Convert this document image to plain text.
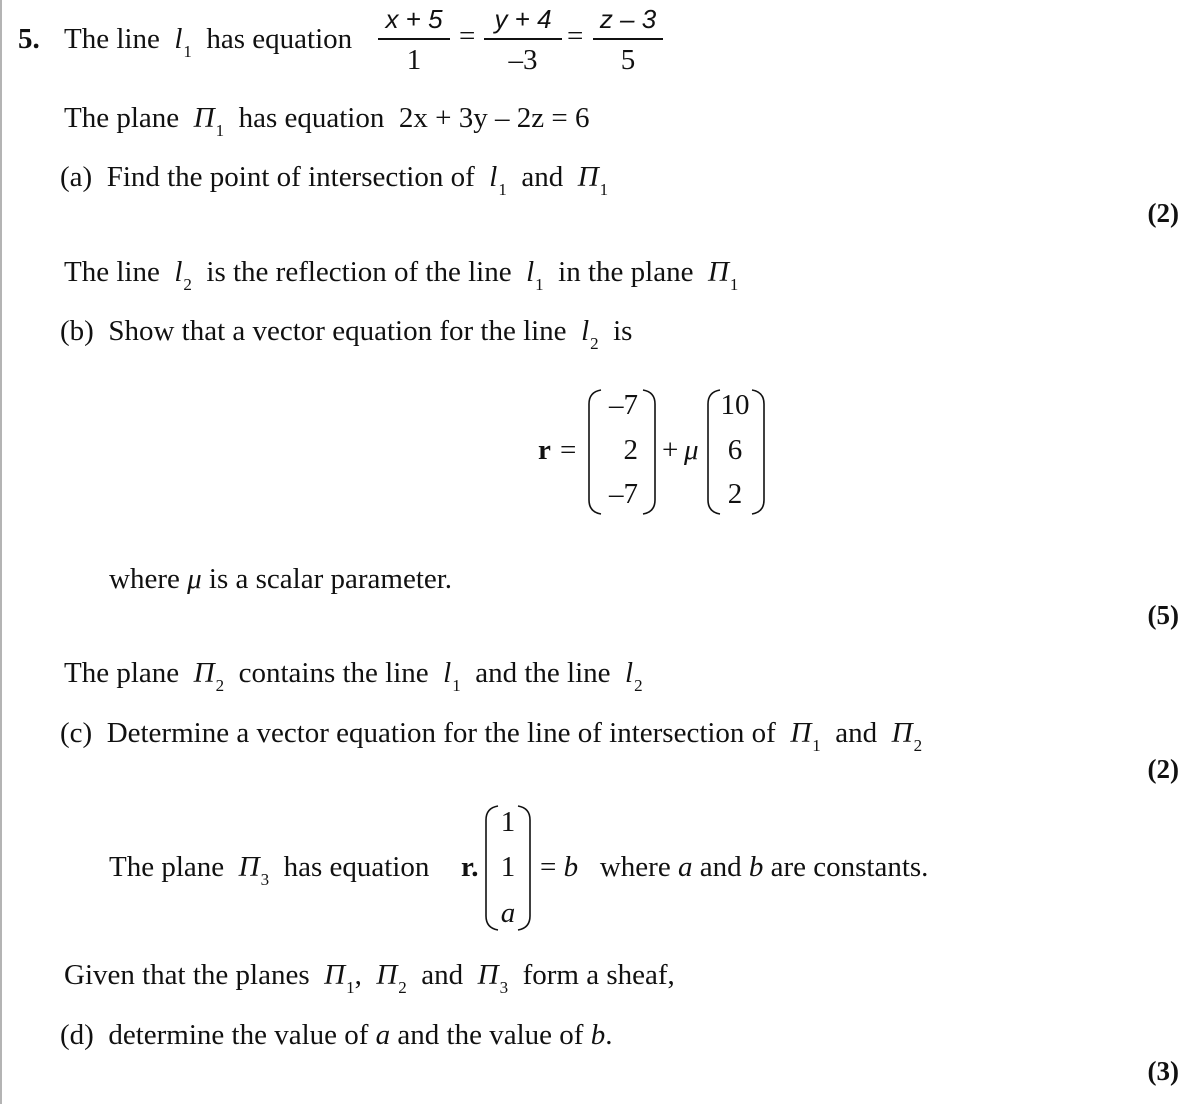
5. The line $l_1$ has equation
x + 5
1
=
y + 4
–3
=
z – 3
5
The plane $\Pi_1$ has equation 2x + 3y – 2z = 6
(a) Find the point of intersection of $l_1$ and $\Pi_1$
(2)
The line $l_2$ is the reflection of the line $l_1$ in the plane $\Pi_1$
(b) Show that a vector equation for the line $l_2$ is
r =
–7
2
–7
+ μ
10
6
2
where μ is a scalar parameter.
(5)
The plane $\Pi_2$ contains the line $l_1$ and the line $l_2$
(c) Determine a vector equation for the line of intersection of $\Pi_1$ and $\Pi_2$
(2)
The plane $\Pi_3$ has equation r.
1
1
a
= b where a and b are constants.
Given that the planes $\Pi_1$, $\Pi_2$ and $\Pi_3$ form a sheaf,
(d) determine the value of a and the value of b.
(3)
